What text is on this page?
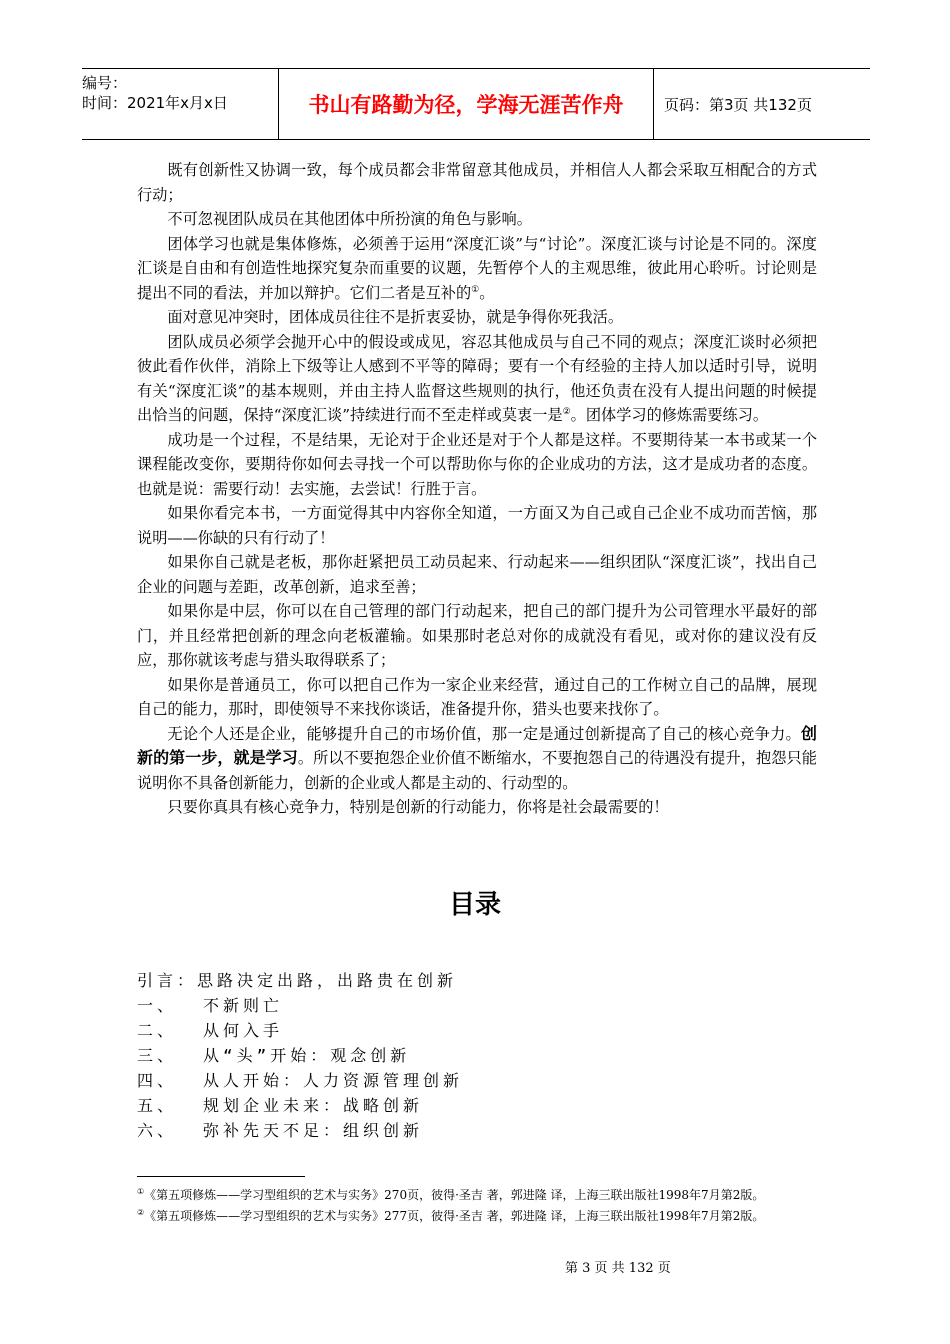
编号：
时间：2021年x月x日	书山有路勤为径，学海无涯苦作舟	页码：第3页 共132页

既有创新性又协调一致，每个成员都会非常留意其他成员，并相信人人都会采取互相配合的方式行动；

不可忽视团队成员在其他团体中所扮演的角色与影响。

团体学习也就是集体修炼，必须善于运用“深度汇谈”与“讨论”。深度汇谈与讨论是不同的。深度汇谈是自由和有创造性地探究复杂而重要的议题，先暂停个人的主观思维，彼此用心聆听。讨论则是提出不同的看法，并加以辩护。它们二者是互补的①。

面对意见冲突时，团体成员往往不是折衷妥协，就是争得你死我活。

团队成员必须学会抛开心中的假设或成见，容忍其他成员与自己不同的观点；深度汇谈时必须把彼此看作伙伴，消除上下级等让人感到不平等的障碍；要有一个有经验的主持人加以适时引导，说明有关“深度汇谈”的基本规则，并由主持人监督这些规则的执行，他还负责在没有人提出问题的时候提出恰当的问题，保持“深度汇谈”持续进行而不至走样或莫衷一是②。团体学习的修炼需要练习。

成功是一个过程，不是结果，无论对于企业还是对于个人都是这样。不要期待某一本书或某一个课程能改变你，要期待你如何去寻找一个可以帮助你与你的企业成功的方法，这才是成功者的态度。也就是说：需要行动！去实施，去尝试！行胜于言。

如果你看完本书，一方面觉得其中内容你全知道，一方面又为自己或自己企业不成功而苦恼，那说明——你缺的只有行动了！

如果你自己就是老板，那你赶紧把员工动员起来、行动起来——组织团队“深度汇谈”，找出自己企业的问题与差距，改革创新，追求至善；

如果你是中层，你可以在自己管理的部门行动起来，把自己的部门提升为公司管理水平最好的部门，并且经常把创新的理念向老板灌输。如果那时老总对你的成就没有看见，或对你的建议没有反应，那你就该考虑与猎头取得联系了；

如果你是普通员工，你可以把自己作为一家企业来经营，通过自己的工作树立自己的品牌，展现自己的能力，那时，即使领导不来找你谈话，准备提升你，猎头也要来找你了。

无论个人还是企业，能够提升自己的市场价值，那一定是通过创新提高了自己的核心竞争力。创新的第一步，就是学习。所以不要抱怨企业价值不断缩水，不要抱怨自己的待遇没有提升，抱怨只能说明你不具备创新能力，创新的企业或人都是主动的、行动型的。

只要你真具有核心竞争力，特别是创新的行动能力，你将是社会最需要的！

目录
引言：思路决定出路，出路贵在创新
一、 不新则亡
二、 从何入手
三、 从“头”开始：观念创新
四、 从人开始：人力资源管理创新
五、 规划企业未来：战略创新
六、 弥补先天不足：组织创新

①《第五项修炼——学习型组织的艺术与实务》270页，彼得·圣吉 著，郭进隆 译，上海三联出版社1998年7月第2版。

②《第五项修炼——学习型组织的艺术与实务》277页，彼得·圣吉 著，郭进隆 译，上海三联出版社1998年7月第2版。

第 3 页 共 132 页
